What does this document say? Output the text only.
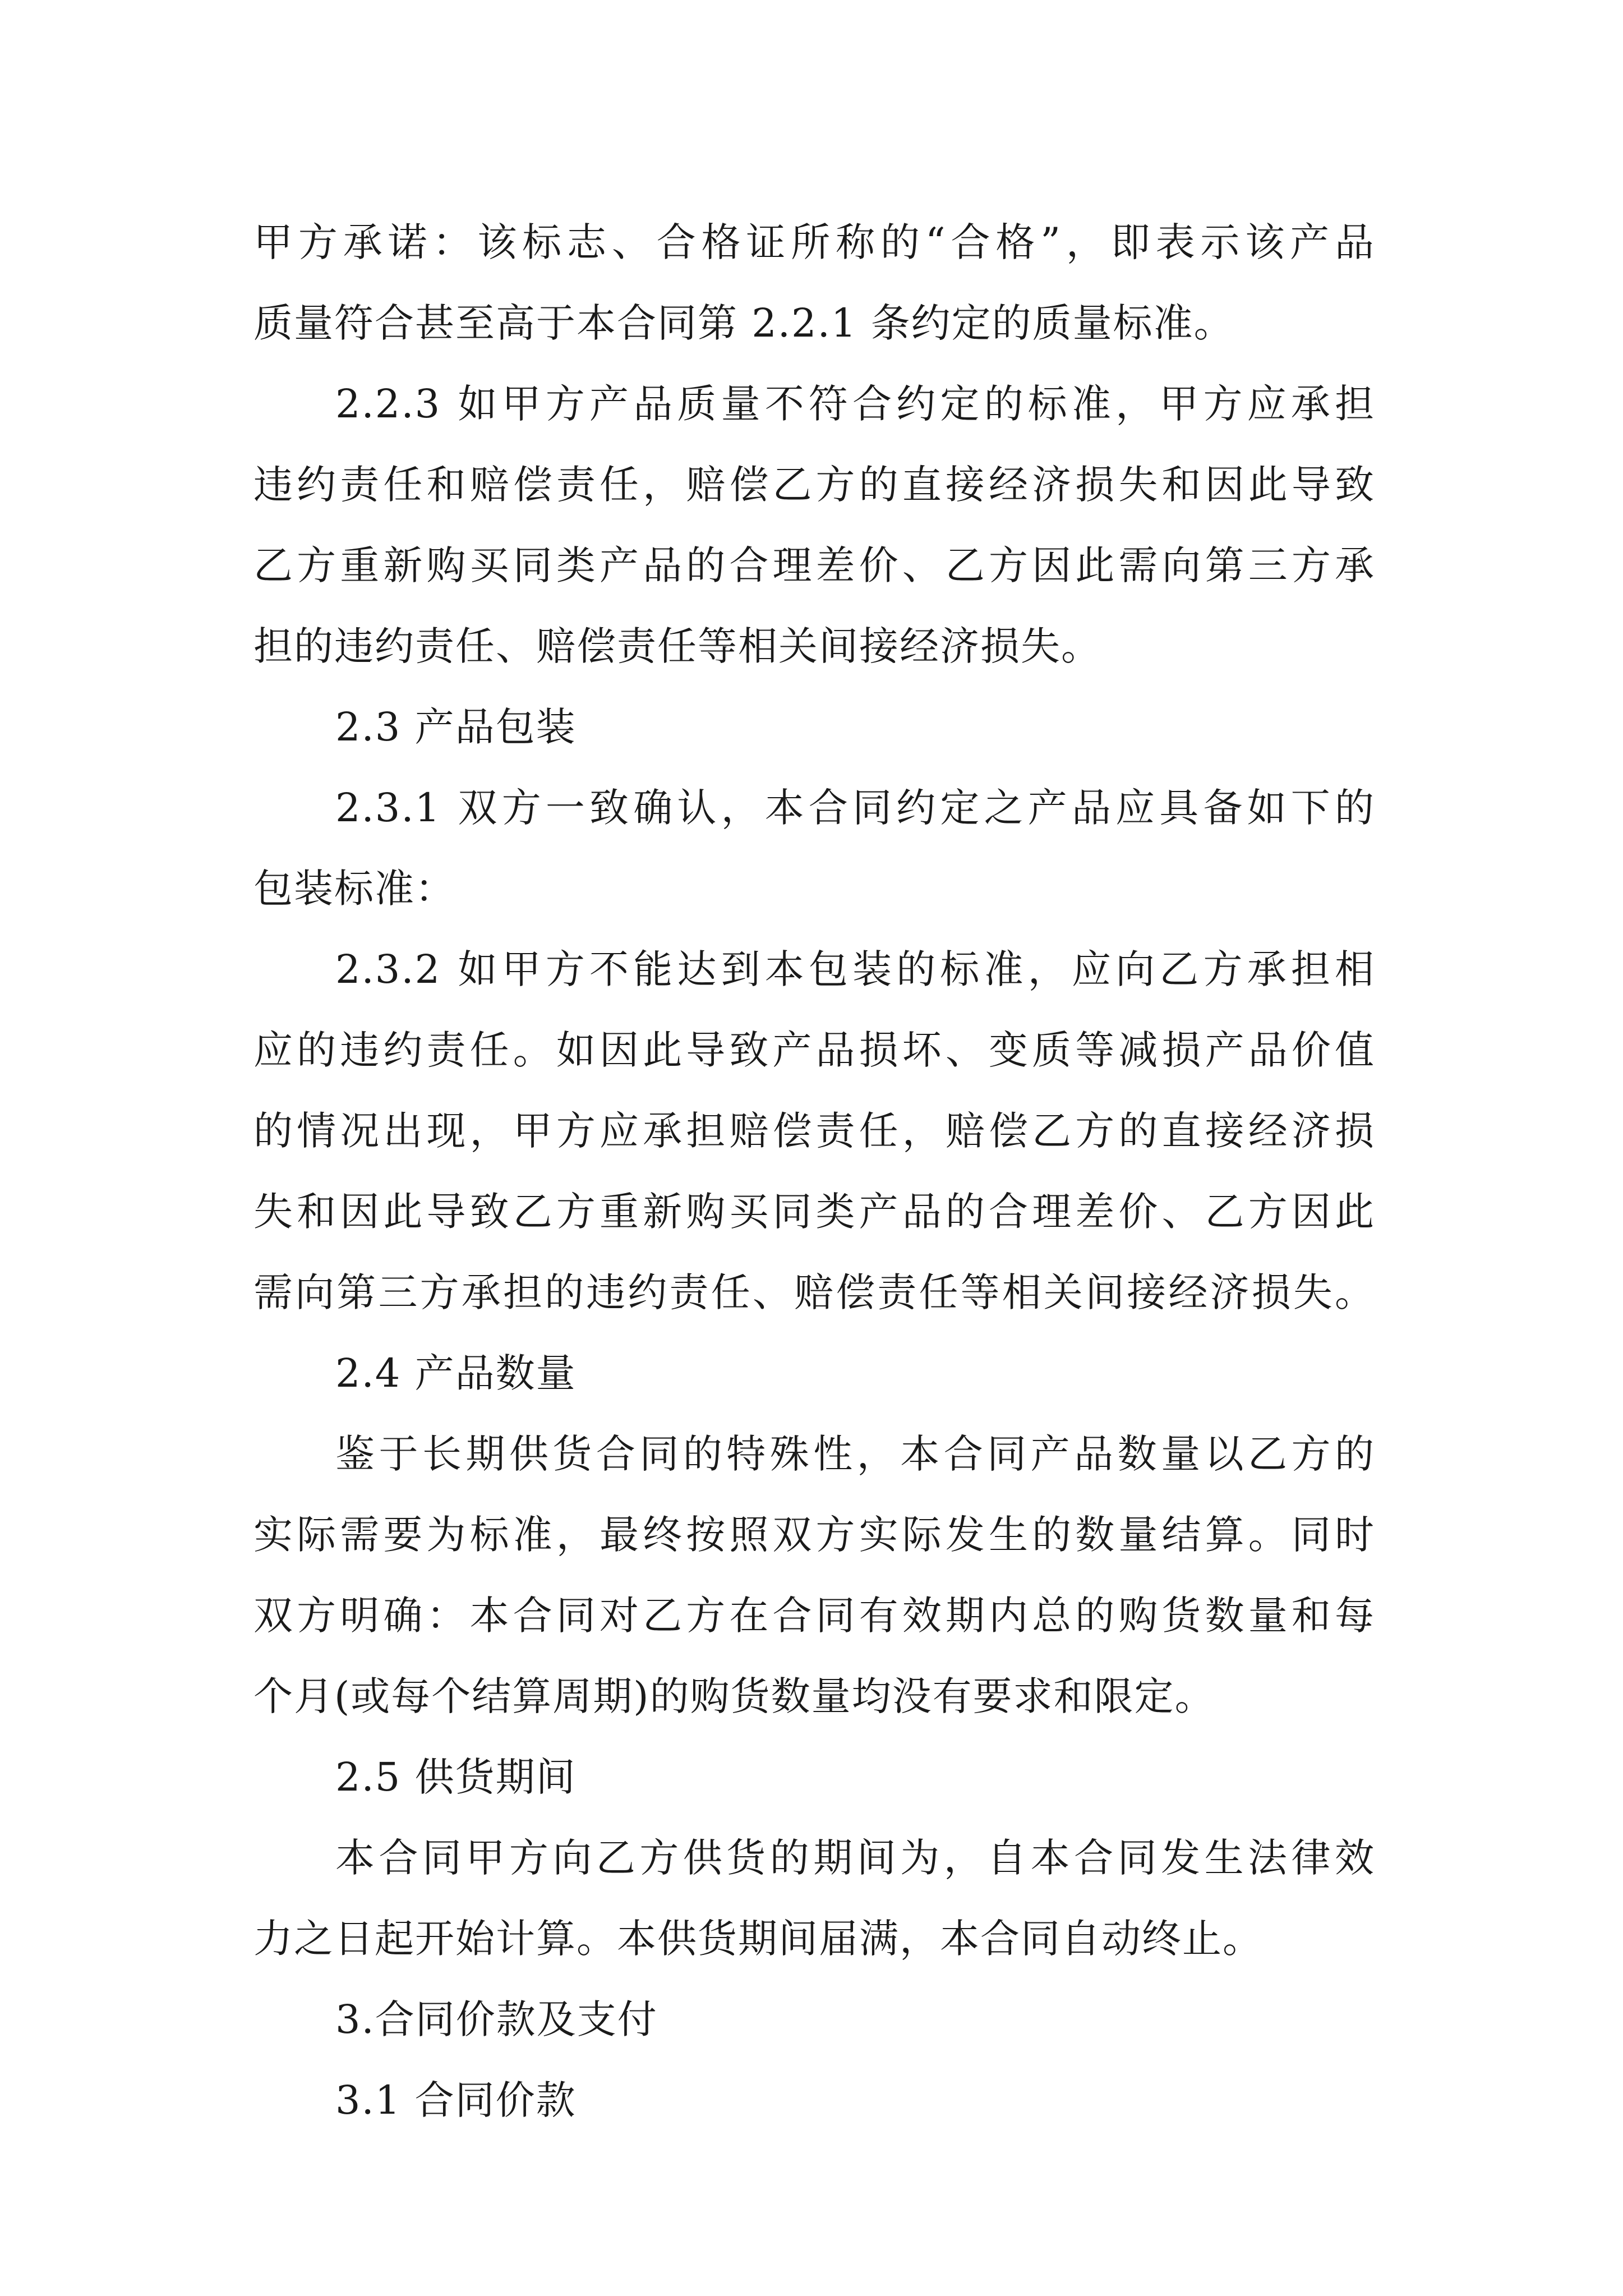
甲方承诺：该标志、合格证所称的“合格”，即表示该产品
质量符合甚至高于本合同第 2.2.1 条约定的质量标准。
2.2.3 如甲方产品质量不符合约定的标准，甲方应承担
违约责任和赔偿责任，赔偿乙方的直接经济损失和因此导致
乙方重新购买同类产品的合理差价、乙方因此需向第三方承
担的违约责任、赔偿责任等相关间接经济损失。
2.3 产品包装
2.3.1 双方一致确认，本合同约定之产品应具备如下的
包装标准：
2.3.2 如甲方不能达到本包装的标准，应向乙方承担相
应的违约责任。如因此导致产品损坏、变质等减损产品价值
的情况出现，甲方应承担赔偿责任，赔偿乙方的直接经济损
失和因此导致乙方重新购买同类产品的合理差价、乙方因此
需向第三方承担的违约责任、赔偿责任等相关间接经济损失。
2.4 产品数量
鉴于长期供货合同的特殊性，本合同产品数量以乙方的
实际需要为标准，最终按照双方实际发生的数量结算。同时
双方明确：本合同对乙方在合同有效期内总的购货数量和每
个月(或每个结算周期)的购货数量均没有要求和限定。
2.5 供货期间
本合同甲方向乙方供货的期间为，自本合同发生法律效
力之日起开始计算。本供货期间届满，本合同自动终止。
3.合同价款及支付
3.1 合同价款
